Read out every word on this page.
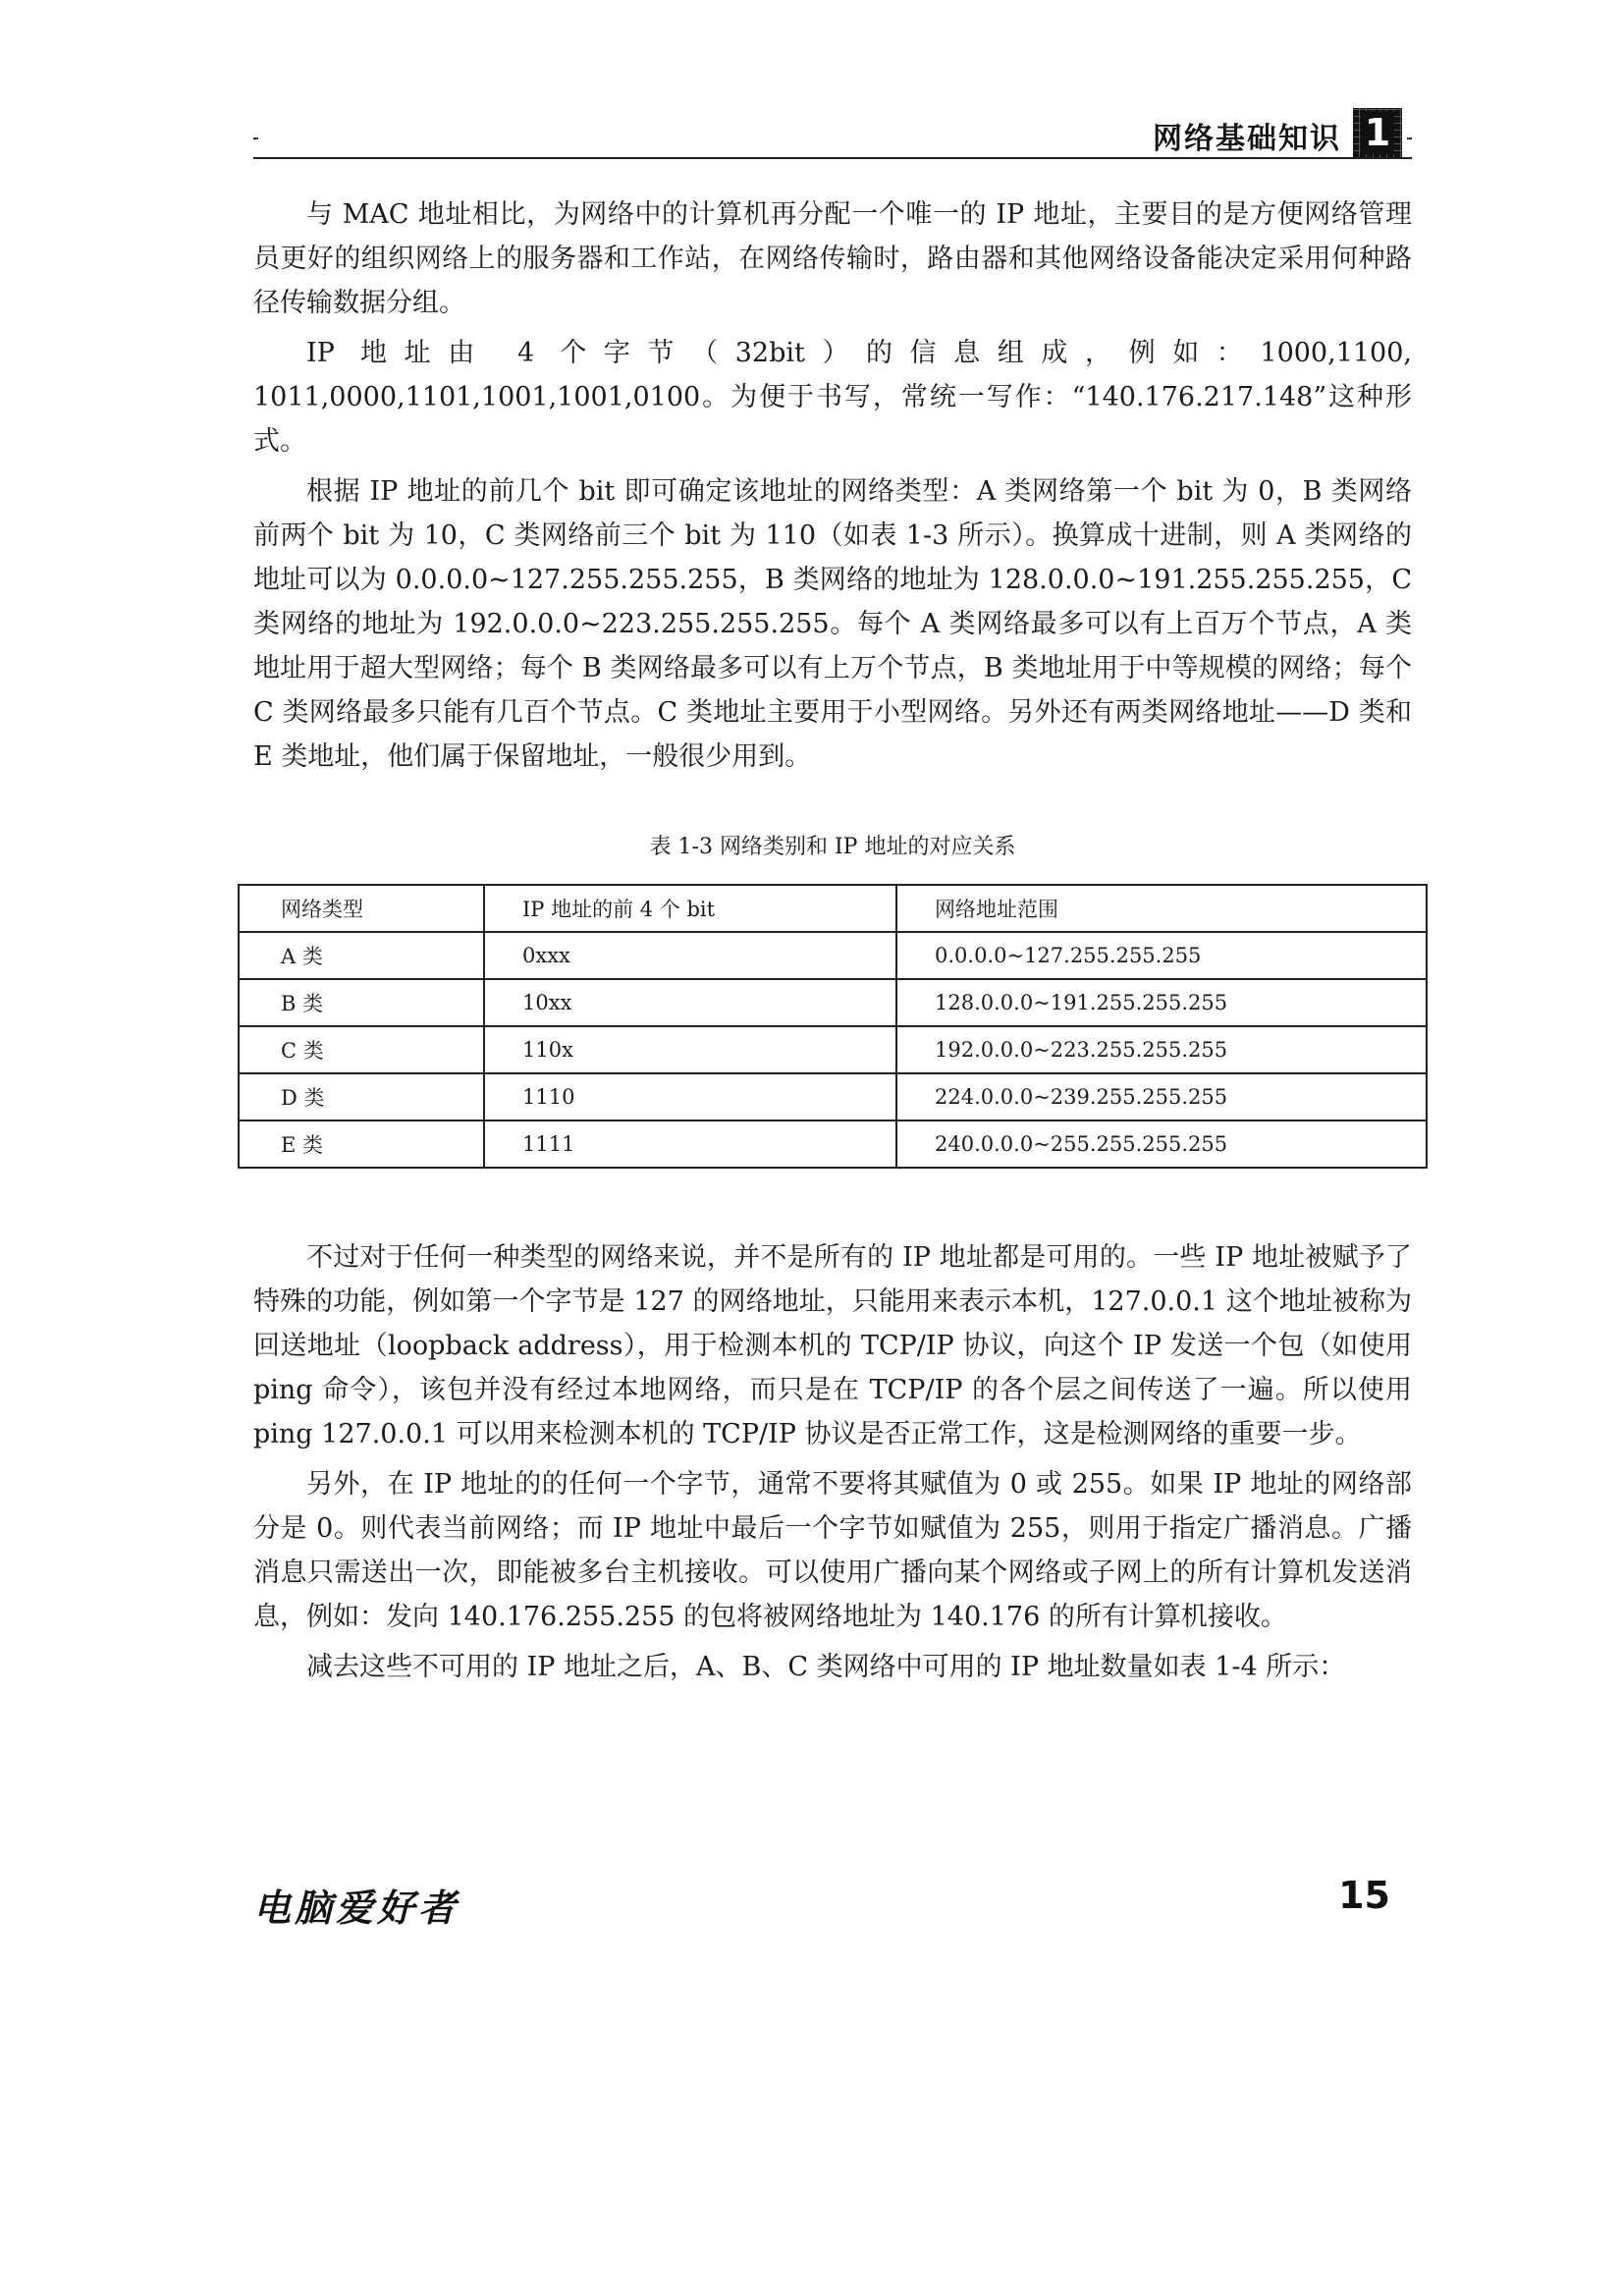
网络基础知识 1

与 MAC 地址相比，为网络中的计算机再分配一个唯一的 IP 地址，主要目的是方便网络管理员更好的组织网络上的服务器和工作站，在网络传输时，路由器和其他网络设备能决定采用何种路径传输数据分组。

IP 地址由 4 个字节（32bit）的信息组成，例如：1000,1100, 1011,0000,1101,1001,1001,0100。为便于书写，常统一写作：“140.176.217.148”这种形式。

根据 IP 地址的前几个 bit 即可确定该地址的网络类型：A 类网络第一个 bit 为 0，B 类网络前两个 bit 为 10，C 类网络前三个 bit 为 110（如表 1-3 所示）。换算成十进制，则 A 类网络的地址可以为 0.0.0.0~127.255.255.255，B 类网络的地址为 128.0.0.0~191.255.255.255，C 类网络的地址为 192.0.0.0~223.255.255.255。每个 A 类网络最多可以有上百万个节点，A 类地址用于超大型网络；每个 B 类网络最多可以有上万个节点，B 类地址用于中等规模的网络；每个 C 类网络最多只能有几百个节点。C 类地址主要用于小型网络。另外还有两类网络地址——D 类和 E 类地址，他们属于保留地址，一般很少用到。

表 1-3 网络类别和 IP 地址的对应关系
网络类型	IP 地址的前 4 个 bit	网络地址范围
A 类	0xxx	0.0.0.0~127.255.255.255
B 类	10xx	128.0.0.0~191.255.255.255
C 类	110x	192.0.0.0~223.255.255.255
D 类	1110	224.0.0.0~239.255.255.255
E 类	1111	240.0.0.0~255.255.255.255

不过对于任何一种类型的网络来说，并不是所有的 IP 地址都是可用的。一些 IP 地址被赋予了特殊的功能，例如第一个字节是 127 的网络地址，只能用来表示本机，127.0.0.1 这个地址被称为回送地址（loopback address），用于检测本机的 TCP/IP 协议，向这个 IP 发送一个包（如使用 ping 命令），该包并没有经过本地网络，而只是在 TCP/IP 的各个层之间传送了一遍。所以使用 ping 127.0.0.1 可以用来检测本机的 TCP/IP 协议是否正常工作，这是检测网络的重要一步。

另外，在 IP 地址的的任何一个字节，通常不要将其赋值为 0 或 255。如果 IP 地址的网络部分是 0。则代表当前网络；而 IP 地址中最后一个字节如赋值为 255，则用于指定广播消息。广播消息只需送出一次，即能被多台主机接收。可以使用广播向某个网络或子网上的所有计算机发送消息，例如：发向 140.176.255.255 的包将被网络地址为 140.176 的所有计算机接收。

减去这些不可用的 IP 地址之后，A、B、C 类网络中可用的 IP 地址数量如表 1-4 所示：

电脑爱好者	15
